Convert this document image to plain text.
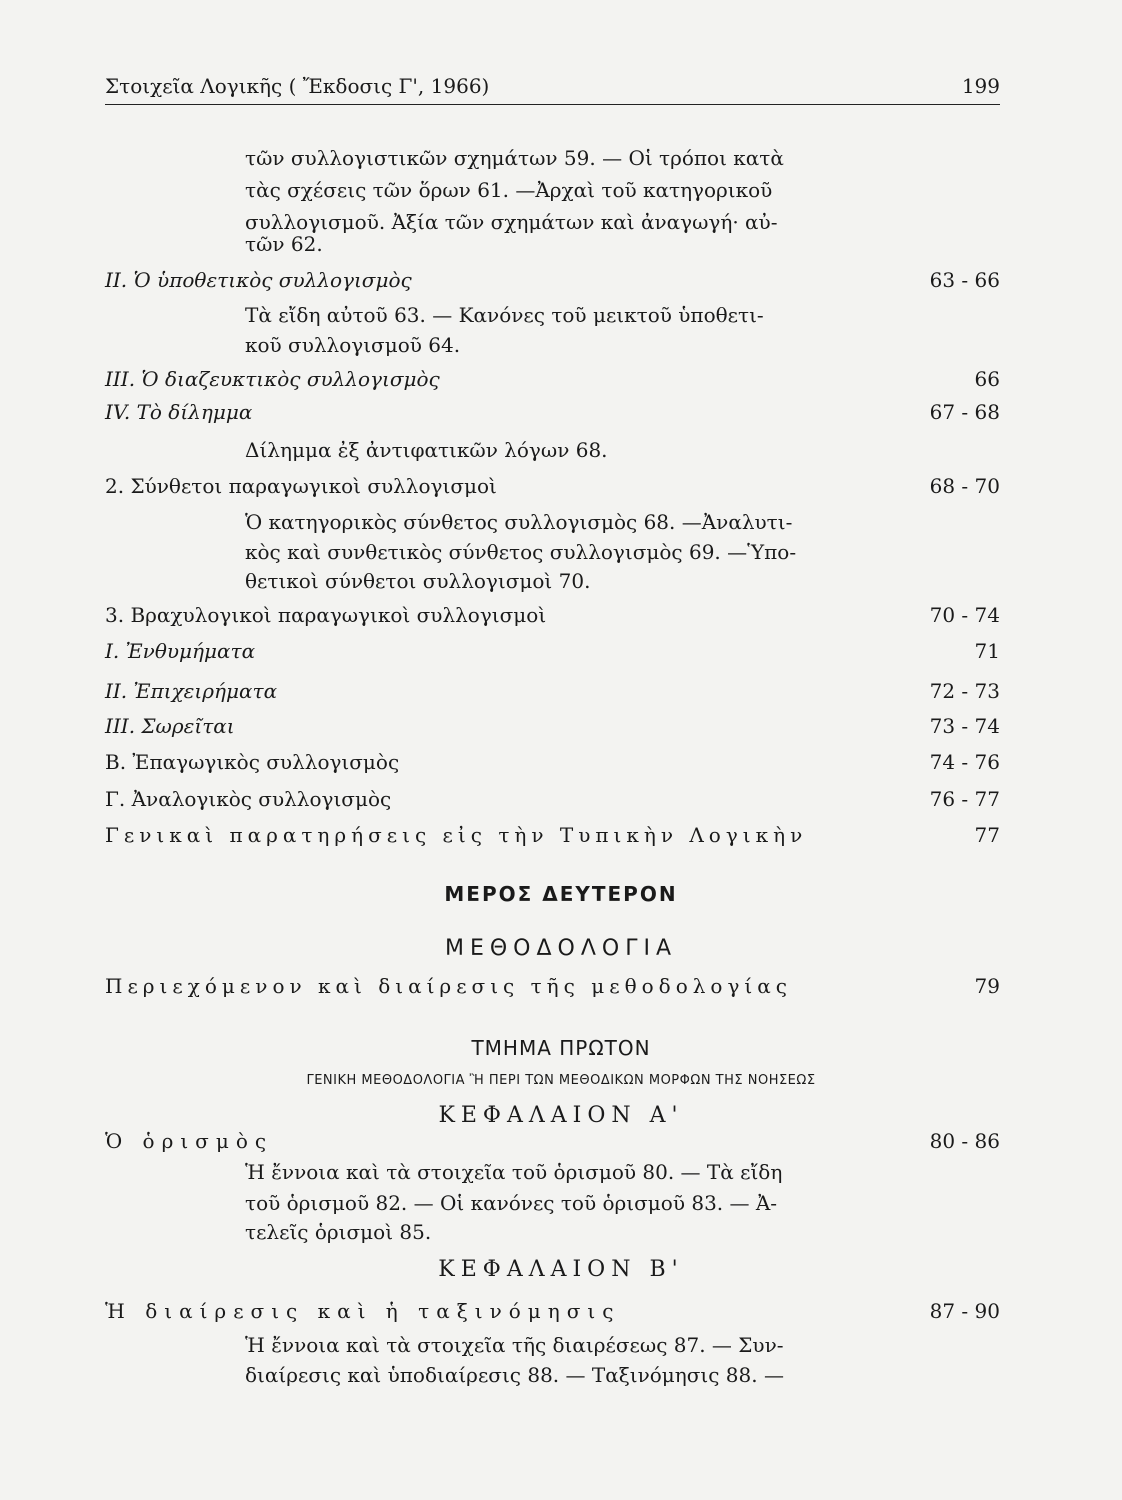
Στοιχεῖα Λογικῆς ( Ἔκδοσις Γ', 1966)	199
τῶν συλλογιστικῶν σχημάτων 59. — Οἱ τρόποι κατὰ
τὰς σχέσεις τῶν ὅρων 61. —Ἀρχαὶ τοῦ κατηγορικοῦ
συλλογισμοῦ. Ἀξία τῶν σχημάτων καὶ ἀναγωγή· αὐ-
τῶν 62.
ΙΙ. Ὁ ὑποθετικὸς συλλογισμὸς	63 - 66
Τὰ εἴδη αὐτοῦ 63. — Κανόνες τοῦ μεικτοῦ ὑποθετι-
κοῦ συλλογισμοῦ 64.
ΙΙΙ. Ὁ διαζευκτικὸς συλλογισμὸς	66
ΙV. Τὸ δίλημμα	67 - 68
Δίλημμα ἐξ ἀντιφατικῶν λόγων 68.
2. Σύνθετοι παραγωγικοὶ συλλογισμοὶ	68 - 70
Ὁ κατηγορικὸς σύνθετος συλλογισμὸς 68. —Ἀναλυτι-
κὸς καὶ συνθετικὸς σύνθετος συλλογισμὸς 69. —Ὑπο-
θετικοὶ σύνθετοι συλλογισμοὶ 70.
3. Βραχυλογικοὶ παραγωγικοὶ συλλογισμοὶ	70 - 74
Ι. Ἐνθυμήματα	71
ΙΙ. Ἐπιχειρήματα	72 - 73
ΙΙΙ. Σωρεῖται	73 - 74
Β. Ἐπαγωγικὸς συλλογισμὸς	74 - 76
Γ. Ἀναλογικὸς συλλογισμὸς	76 - 77
Γενικαὶ παρατηρήσεις εἰς τὴν Τυπικὴν Λογικὴν	77
ΜΕΡΟΣ ΔΕΥΤΕΡΟΝ
ΜΕΘΟΔΟΛΟΓΙΑ
Περιεχόμενον καὶ διαίρεσις τῆς μεθοδολογίας	79
ΤΜΗΜΑ ΠΡΩΤΟΝ
ΓΕΝΙΚΗ ΜΕΘΟΔΟΛΟΓΙΑ Ἢ ΠΕΡΙ ΤΩΝ ΜΕΘΟΔΙΚΩΝ ΜΟΡΦΩΝ ΤΗΣ ΝΟΗΣΕΩΣ
ΚΕΦΑΛΑΙΟΝ Α'
Ὁ ὁρισμὸς	80 - 86
Ἡ ἔννοια καὶ τὰ στοιχεῖα τοῦ ὁρισμοῦ 80. — Τὰ εἴδη
τοῦ ὁρισμοῦ 82. — Οἱ κανόνες τοῦ ὁρισμοῦ 83. — Ἀ-
τελεῖς ὁρισμοὶ 85.
ΚΕΦΑΛΑΙΟΝ Β'
Ἡ διαίρεσις καὶ ἡ ταξινόμησις	87 - 90
Ἡ ἔννοια καὶ τὰ στοιχεῖα τῆς διαιρέσεως 87. — Συν-
διαίρεσις καὶ ὑποδιαίρεσις 88. — Ταξινόμησις 88. —
